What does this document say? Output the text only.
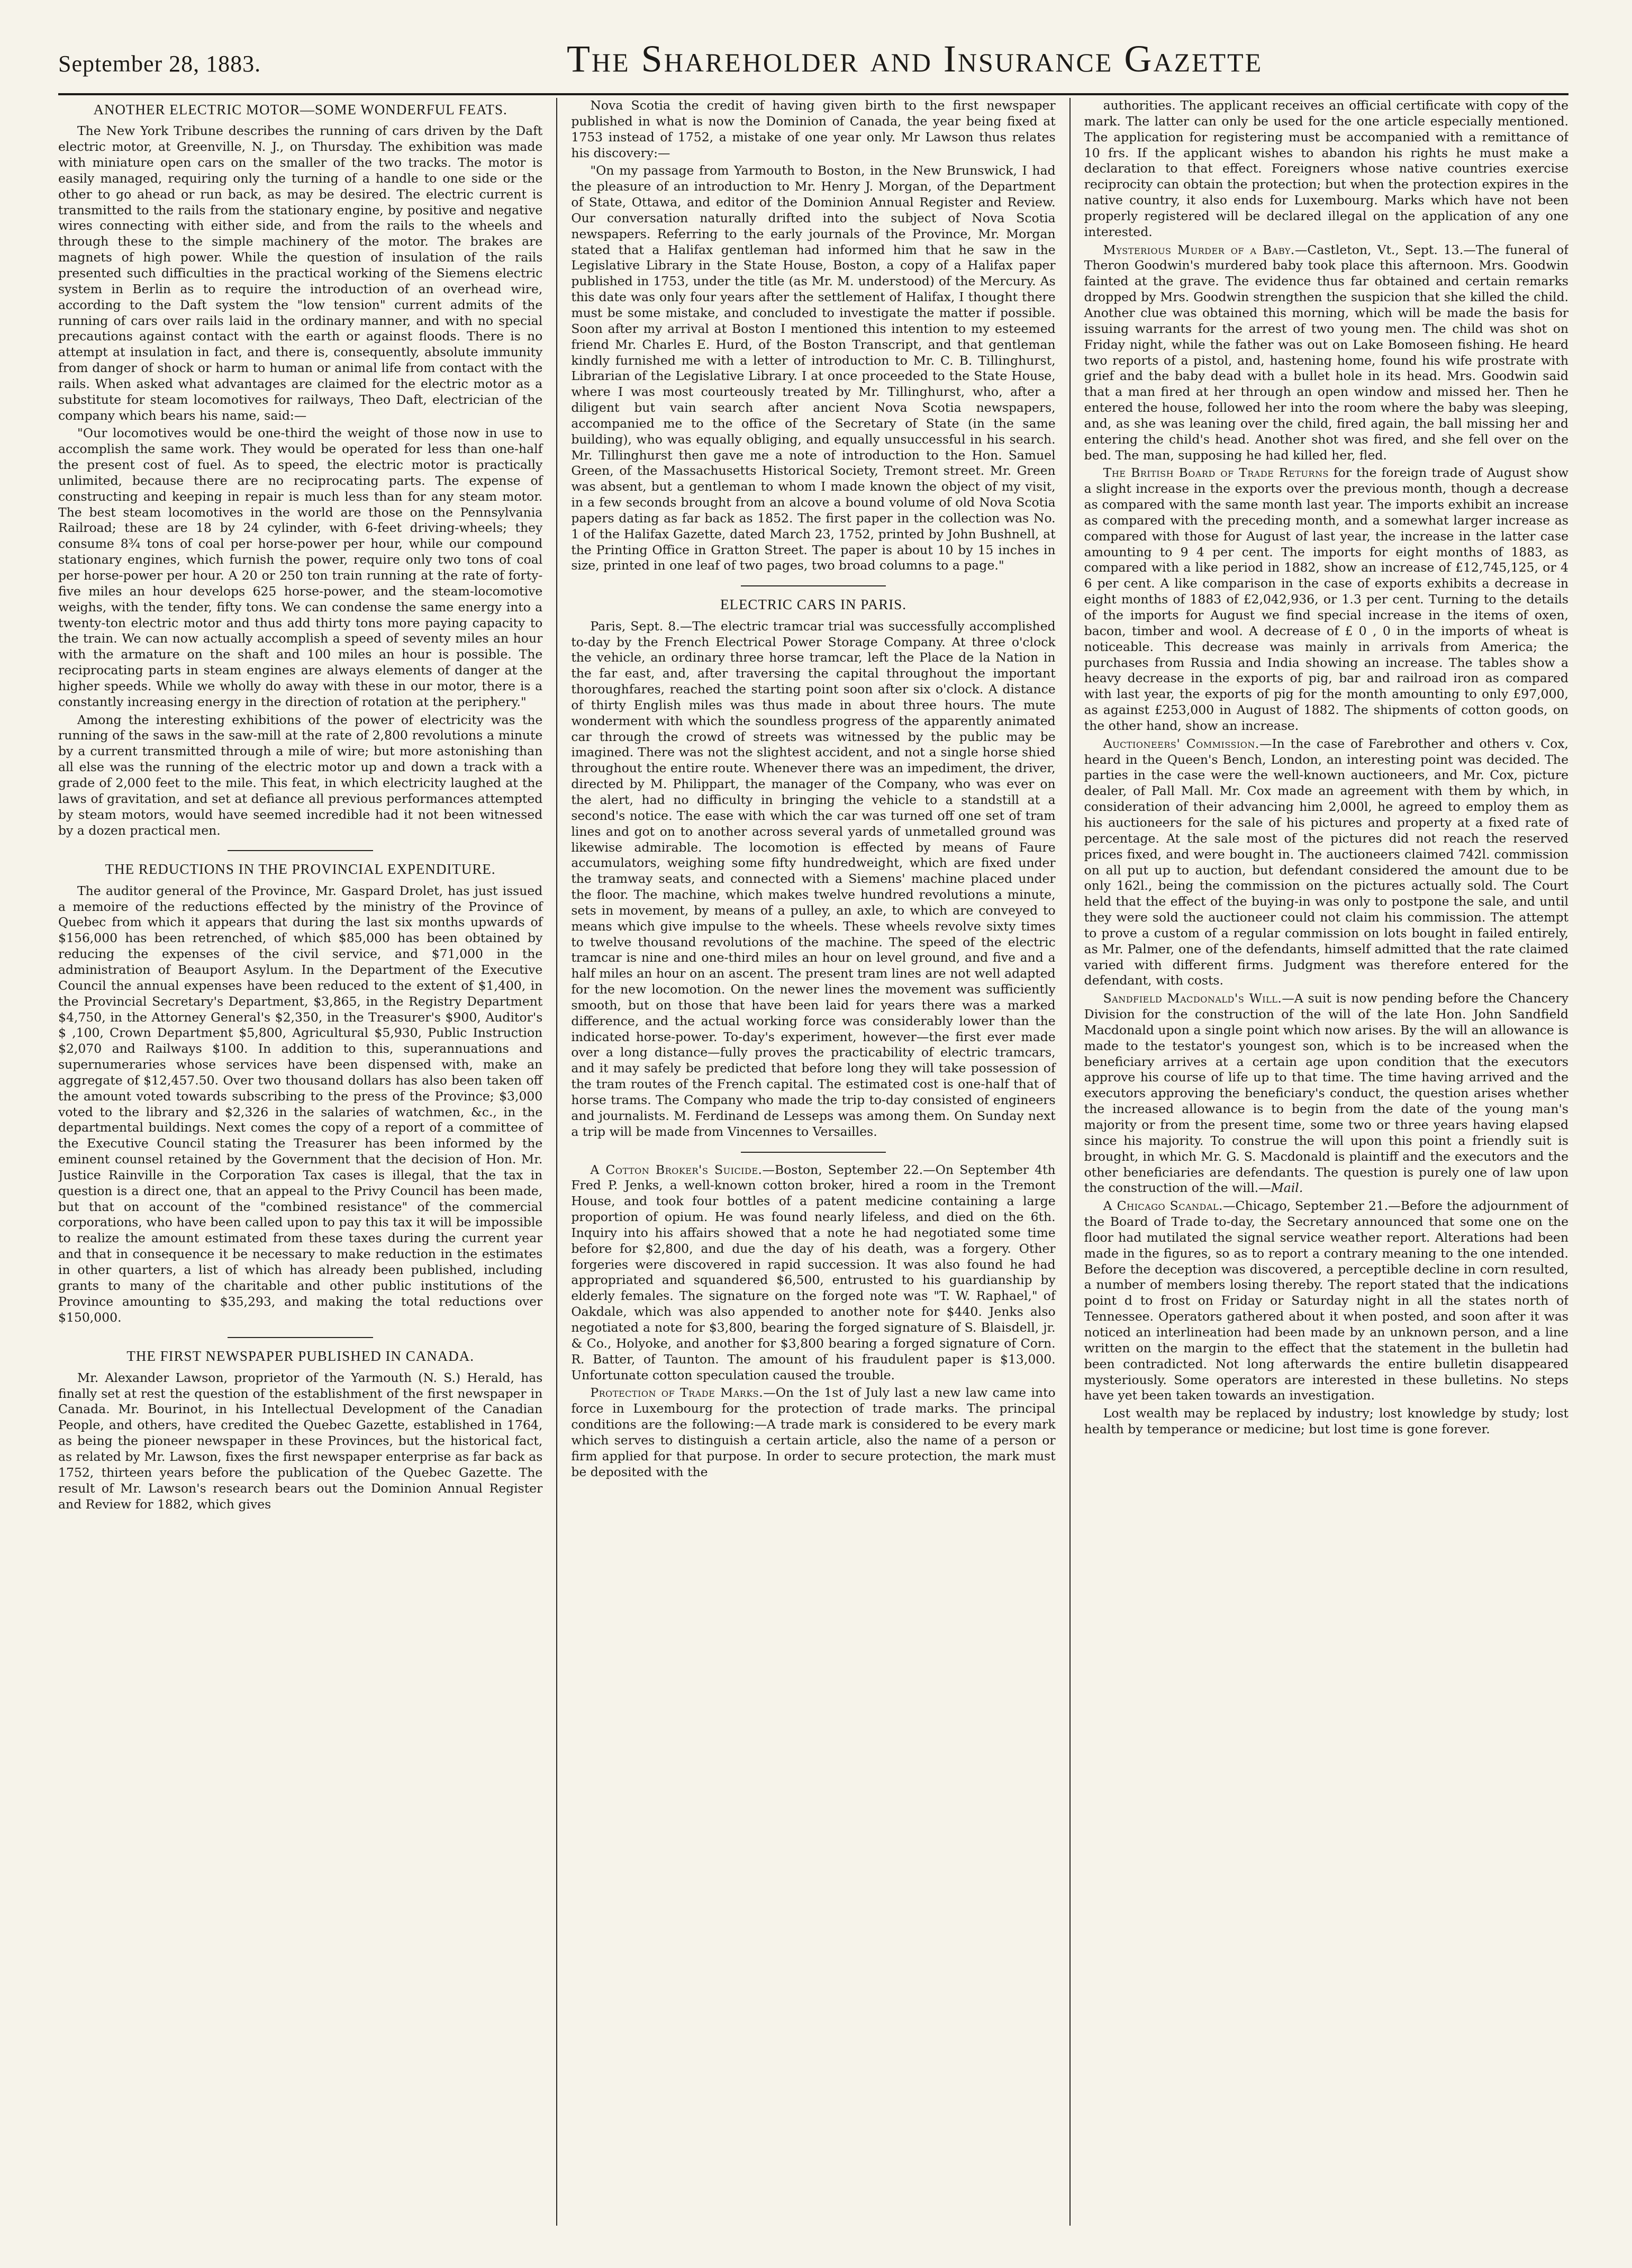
September 28, 1883.	The Shareholder and Insurance Gazette
ANOTHER ELECTRIC MOTOR—SOME WONDERFUL FEATS.

The New York Tribune describes the running of cars driven by the Daft electric motor, at Greenville, N. J., on Thursday. The exhibition was made with miniature open cars on the smaller of the two tracks. The motor is easily managed, requiring only the turning of a handle to one side or the other to go ahead or run back, as may be desired. The electric current is transmitted to the rails from the stationary engine, by positive and negative wires connecting with either side, and from the rails to the wheels and through these to the simple machinery of the motor. The brakes are magnets of high power. While the question of insulation of the rails presented such difficulties in the practical working of the Siemens electric system in Berlin as to require the introduction of an overhead wire, according to the Daft system the "low tension" current admits of the running of cars over rails laid in the ordinary manner, and with no special precautions against contact with the earth or against floods. There is no attempt at insulation in fact, and there is, consequently, absolute immunity from danger of shock or harm to human or animal life from contact with the rails. When asked what advantages are claimed for the electric motor as a substitute for steam locomotives for railways, Theo Daft, electrician of the company which bears his name, said:—

"Our locomotives would be one-third the weight of those now in use to accomplish the same work. They would be operated for less than one-half the present cost of fuel. As to speed, the electric motor is practically unlimited, because there are no reciprocating parts. The expense of constructing and keeping in repair is much less than for any steam motor. The best steam locomotives in the world are those on the Pennsylvania Railroad; these are 18 by 24 cylinder, with 6-feet driving-wheels; they consume 8¾ tons of coal per horse-power per hour, while our compound stationary engines, which furnish the power, require only two tons of coal per horse-power per hour. A 20 or 250 ton train running at the rate of forty-five miles an hour develops 625 horse-power, and the steam-locomotive weighs, with the tender, fifty tons. We can condense the same energy into a twenty-ton electric motor and thus add thirty tons more paying capacity to the train. We can now actually accomplish a speed of seventy miles an hour with the armature on the shaft and 100 miles an hour is possible. The reciprocating parts in steam engines are always elements of danger at the higher speeds. While we wholly do away with these in our motor, there is a constantly increasing energy in the direction of rotation at the periphery."

Among the interesting exhibitions of the power of electricity was the running of the saws in the saw-mill at the rate of 2,800 revolutions a minute by a current transmitted through a mile of wire; but more astonishing than all else was the running of the electric motor up and down a track with a grade of 2,000 feet to the mile. This feat, in which electricity laughed at the laws of gravitation, and set at defiance all previous performances attempted by steam motors, would have seemed incredible had it not been witnessed by a dozen practical men.

THE REDUCTIONS IN THE PROVINCIAL EXPENDITURE.

The auditor general of the Province, Mr. Gaspard Drolet, has just issued a memoire of the reductions effected by the ministry of the Province of Quebec from which it appears that during the last six months upwards of $156,000 has been retrenched, of which $85,000 has been obtained by reducing the expenses of the civil service, and $71,000 in the administration of Beauport Asylum. In the Department of the Executive Council the annual expenses have been reduced to the extent of $1,400, in the Provincial Secretary's Department, $3,865, in the Registry Department $4,750, in the Attorney General's $2,350, in the Treasurer's $900, Auditor's $ ,100, Crown Department $5,800, Agricultural $5,930, Public Instruction $2,070 and Railways $100. In addition to this, superannuations and supernumeraries whose services have been dispensed with, make an aggregate of $12,457.50. Over two thousand dollars has also been taken off the amount voted towards subscribing to the press of the Province; $3,000 voted to the library and $2,326 in the salaries of watchmen, &c., in the departmental buildings. Next comes the copy of a report of a committee of the Executive Council stating the Treasurer has been informed by the eminent counsel retained by the Government that the decision of Hon. Mr. Justice Rainville in the Corporation Tax cases is illegal, that the tax in question is a direct one, that an appeal to the Privy Council has been made, but that on account of the "combined resistance" of the commercial corporations, who have been called upon to pay this tax it will be impossible to realize the amount estimated from these taxes during the current year and that in consequence it be necessary to make reduction in the estimates in other quarters, a list of which has already been published, including grants to many of the charitable and other public institutions of the Province amounting to $35,293, and making the total reductions over $150,000.

THE FIRST NEWSPAPER PUBLISHED IN CANADA.

Mr. Alexander Lawson, proprietor of the Yarmouth (N. S.) Herald, has finally set at rest the question of the establishment of the first newspaper in Canada. Mr. Bourinot, in his Intellectual Development of the Canadian People, and others, have credited the Quebec Gazette, established in 1764, as being the pioneer newspaper in these Provinces, but the historical fact, as related by Mr. Lawson, fixes the first newspaper enterprise as far back as 1752, thirteen years before the publication of the Quebec Gazette. The result of Mr. Lawson's research bears out the Dominion Annual Register and Review for 1882, which gives

Nova Scotia the credit of having given birth to the first newspaper published in what is now the Dominion of Canada, the year being fixed at 1753 instead of 1752, a mistake of one year only. Mr Lawson thus relates his discovery:—

"On my passage from Yarmouth to Boston, in the New Brunswick, I had the pleasure of an introduction to Mr. Henry J. Morgan, of the Department of State, Ottawa, and editor of the Dominion Annual Register and Review. Our conversation naturally drifted into the subject of Nova Scotia newspapers. Referring to the early journals of the Province, Mr. Morgan stated that a Halifax gentleman had informed him that he saw in the Legislative Library in the State House, Boston, a copy of a Halifax paper published in 1753, under the title (as Mr. M. understood) of the Mercury. As this date was only four years after the settlement of Halifax, I thought there must be some mistake, and concluded to investigate the matter if possible. Soon after my arrival at Boston I mentioned this intention to my esteemed friend Mr. Charles E. Hurd, of the Boston Transcript, and that gentleman kindly furnished me with a letter of introduction to Mr. C. B. Tillinghurst, Librarian of the Legislative Library. I at once proceeded to the State House, where I was most courteously treated by Mr. Tillinghurst, who, after a diligent but vain search after ancient Nova Scotia newspapers, accompanied me to the office of the Secretary of State (in the same building), who was equally obliging, and equally unsuccessful in his search. Mr. Tillinghurst then gave me a note of introduction to the Hon. Samuel Green, of the Massachusetts Historical Society, Tremont street. Mr. Green was absent, but a gentleman to whom I made known the object of my visit, in a few seconds brought from an alcove a bound volume of old Nova Scotia papers dating as far back as 1852. The first paper in the collection was No. 1 of the Halifax Gazette, dated March 23, 1752, printed by John Bushnell, at the Printing Office in Gratton Street. The paper is about 10 by 15 inches in size, printed in one leaf of two pages, two broad columns to a page."

ELECTRIC CARS IN PARIS.

Paris, Sept. 8.—The electric tramcar trial was successfully accomplished to-day by the French Electrical Power Storage Company. At three o'clock the vehicle, an ordinary three horse tramcar, left the Place de la Nation in the far east, and, after traversing the capital throughout the important thoroughfares, reached the starting point soon after six o'clock. A distance of thirty English miles was thus made in about three hours. The mute wonderment with which the soundless progress of the apparently animated car through the crowd of streets was witnessed by the public may be imagined. There was not the slightest accident, and not a single horse shied throughout the entire route. Whenever there was an impediment, the driver, directed by M. Philippart, the manager of the Company, who was ever on the alert, had no difficulty in bringing the vehicle to a standstill at a second's notice. The ease with which the car was turned off one set of tram lines and got on to another across several yards of unmetalled ground was likewise admirable. The locomotion is effected by means of Faure accumulators, weighing some fifty hundredweight, which are fixed under the tramway seats, and connected with a Siemens' machine placed under the floor. The machine, which makes twelve hundred revolutions a minute, sets in movement, by means of a pulley, an axle, to which are conveyed to means which give impulse to the wheels. These wheels revolve sixty times to twelve thousand revolutions of the machine. The speed of the electric tramcar is nine and one-third miles an hour on level ground, and five and a half miles an hour on an ascent. The present tram lines are not well adapted for the new locomotion. On the newer lines the movement was sufficiently smooth, but on those that have been laid for years there was a marked difference, and the actual working force was considerably lower than the indicated horse-power. To-day's experiment, however—the first ever made over a long distance—fully proves the practicability of electric tramcars, and it may safely be predicted that before long they will take possession of the tram routes of the French capital. The estimated cost is one-half that of horse trams. The Company who made the trip to-day consisted of engineers and journalists. M. Ferdinand de Lesseps was among them. On Sunday next a trip will be made from Vincennes to Versailles.

A Cotton Broker's Suicide.—Boston, September 22.—On September 4th Fred P. Jenks, a well-known cotton broker, hired a room in the Tremont House, and took four bottles of a patent medicine containing a large proportion of opium. He was found nearly lifeless, and died on the 6th. Inquiry into his affairs showed that a note he had negotiated some time before for $2,800, and due the day of his death, was a forgery. Other forgeries were discovered in rapid succession. It was also found he had appropriated and squandered $6,500, entrusted to his guardianship by elderly females. The signature on the forged note was "T. W. Raphael," of Oakdale, which was also appended to another note for $440. Jenks also negotiated a note for $3,800, bearing the forged signature of S. Blaisdell, jr. & Co., Holyoke, and another for $3,800 bearing a forged signature of Corn. R. Batter, of Taunton. The amount of his fraudulent paper is $13,000. Unfortunate cotton speculation caused the trouble.

Protection of Trade Marks.—On the 1st of July last a new law came into force in Luxembourg for the protection of trade marks. The principal conditions are the following:—A trade mark is considered to be every mark which serves to distinguish a certain article, also the name of a person or firm applied for that purpose. In order to secure protection, the mark must be deposited with the

authorities. The applicant receives an official certificate with copy of the mark. The latter can only be used for the one article especially mentioned. The application for registering must be accompanied with a remittance of 10 frs. If the applicant wishes to abandon his rights he must make a declaration to that effect. Foreigners whose native countries exercise reciprocity can obtain the protection; but when the protection expires in the native country, it also ends for Luxembourg. Marks which have not been properly registered will be declared illegal on the application of any one interested.

Mysterious Murder of a Baby.—Castleton, Vt., Sept. 13.—The funeral of Theron Goodwin's murdered baby took place this afternoon. Mrs. Goodwin fainted at the grave. The evidence thus far obtained and certain remarks dropped by Mrs. Goodwin strengthen the suspicion that she killed the child. Another clue was obtained this morning, which will be made the basis for issuing warrants for the arrest of two young men. The child was shot on Friday night, while the father was out on Lake Bomoseen fishing. He heard two reports of a pistol, and, hastening home, found his wife prostrate with grief and the baby dead with a bullet hole in its head. Mrs. Goodwin said that a man fired at her through an open window and missed her. Then he entered the house, followed her into the room where the baby was sleeping, and, as she was leaning over the child, fired again, the ball missing her and entering the child's head. Another shot was fired, and she fell over on the bed. The man, supposing he had killed her, fled.

The British Board of Trade Returns for the foreign trade of August show a slight increase in the exports over the previous month, though a decrease as compared with the same month last year. The imports exhibit an increase as compared with the preceding month, and a somewhat larger increase as compared with those for August of last year, the increase in the latter case amounting to 9 4 per cent. The imports for eight months of 1883, as compared with a like period in 1882, show an increase of £12,745,125, or 4 6 per cent. A like comparison in the case of exports exhibits a decrease in eight months of 1883 of £2,042,936, or 1.3 per cent. Turning to the details of the imports for August we find special increase in the items of oxen, bacon, timber and wool. A decrease of £ 0 , 0 in the imports of wheat is noticeable. This decrease was mainly in arrivals from America; the purchases from Russia and India showing an increase. The tables show a heavy decrease in the exports of pig, bar and railroad iron as compared with last year, the exports of pig for the month amounting to only £97,000, as against £253,000 in August of 1882. The shipments of cotton goods, on the other hand, show an increase.

Auctioneers' Commission.—In the case of Farebrother and others v. Cox, heard in the Queen's Bench, London, an interesting point was decided. The parties in the case were the well-known auctioneers, and Mr. Cox, picture dealer, of Pall Mall. Mr. Cox made an agreement with them by which, in consideration of their advancing him 2,000l, he agreed to employ them as his auctioneers for the sale of his pictures and property at a fixed rate of percentage. At the sale most of the pictures did not reach the reserved prices fixed, and were bought in. The auctioneers claimed 742l. commission on all put up to auction, but defendant considered the amount due to be only 162l., being the commission on the pictures actually sold. The Court held that the effect of the buying-in was only to postpone the sale, and until they were sold the auctioneer could not claim his commission. The attempt to prove a custom of a regular commission on lots bought in failed entirely, as Mr. Palmer, one of the defendants, himself admitted that the rate claimed varied with different firms. Judgment was therefore entered for the defendant, with costs.

Sandfield Macdonald's Will.—A suit is now pending before the Chancery Division for the construction of the will of the late Hon. John Sandfield Macdonald upon a single point which now arises. By the will an allowance is made to the testator's youngest son, which is to be increased when the beneficiary arrives at a certain age upon condition that the executors approve his course of life up to that time. The time having arrived and the executors approving the beneficiary's conduct, the question arises whether the increased allowance is to begin from the date of the young man's majority or from the present time, some two or three years having elapsed since his majority. To construe the will upon this point a friendly suit is brought, in which Mr. G. S. Macdonald is plaintiff and the executors and the other beneficiaries are defendants. The question is purely one of law upon the construction of the will.—Mail.

A Chicago Scandal.—Chicago, September 21.—Before the adjournment of the Board of Trade to-day, the Secretary announced that some one on the floor had mutilated the signal service weather report. Alterations had been made in the figures, so as to report a contrary meaning to the one intended. Before the deception was discovered, a perceptible decline in corn resulted, a number of members losing thereby. The report stated that the indications point d to frost on Friday or Saturday night in all the states north of Tennessee. Operators gathered about it when posted, and soon after it was noticed an interlineation had been made by an unknown person, and a line written on the margin to the effect that the statement in the bulletin had been contradicted. Not long afterwards the entire bulletin disappeared mysteriously. Some operators are interested in these bulletins. No steps have yet been taken towards an investigation.

Lost wealth may be replaced by industry; lost knowledge by study; lost health by temperance or medicine; but lost time is gone forever.
